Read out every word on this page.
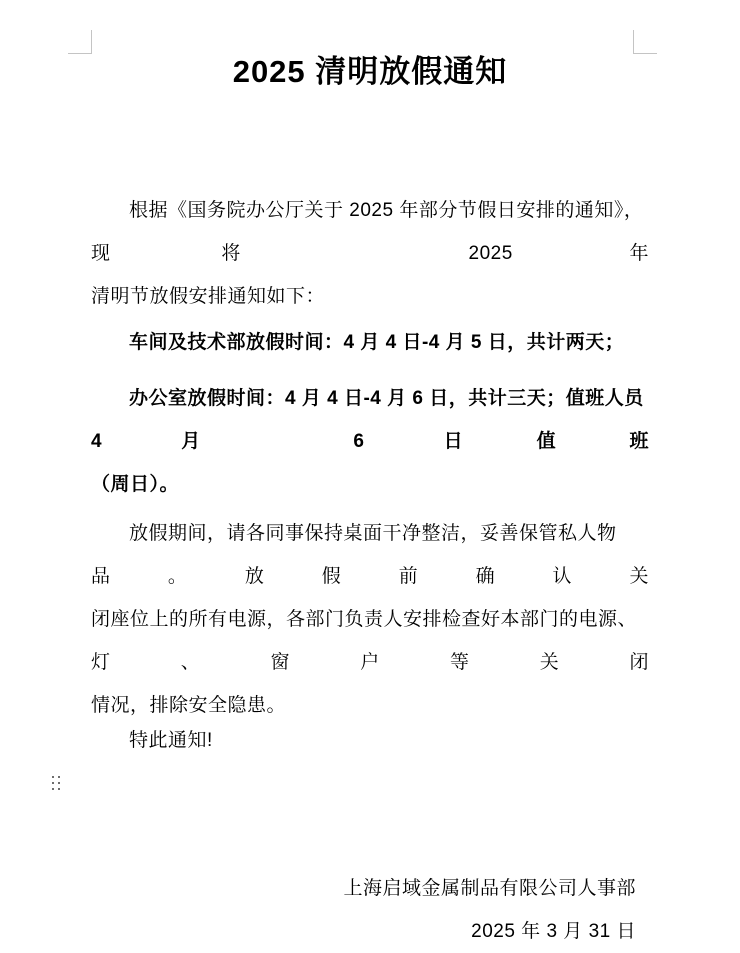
2025 清明放假通知

根据《国务院办公厅关于 2025 年部分节假日安排的通知》，现将 2025 年
清明节放假安排通知如下：

车间及技术部放假时间：4 月 4 日-4 月 5 日，共计两天；

办公室放假时间：4 月 4 日-4 月 6 日，共计三天；值班人员 4 月 6 日值班
（周日）。

放假期间，请各同事保持桌面干净整洁，妥善保管私人物品。放假前确认关
闭座位上的所有电源，各部门负责人安排检查好本部门的电源、灯、窗户等关闭
情况，排除安全隐患。

特此通知!

上海启域金属制品有限公司人事部
2025 年 3 月 31 日
